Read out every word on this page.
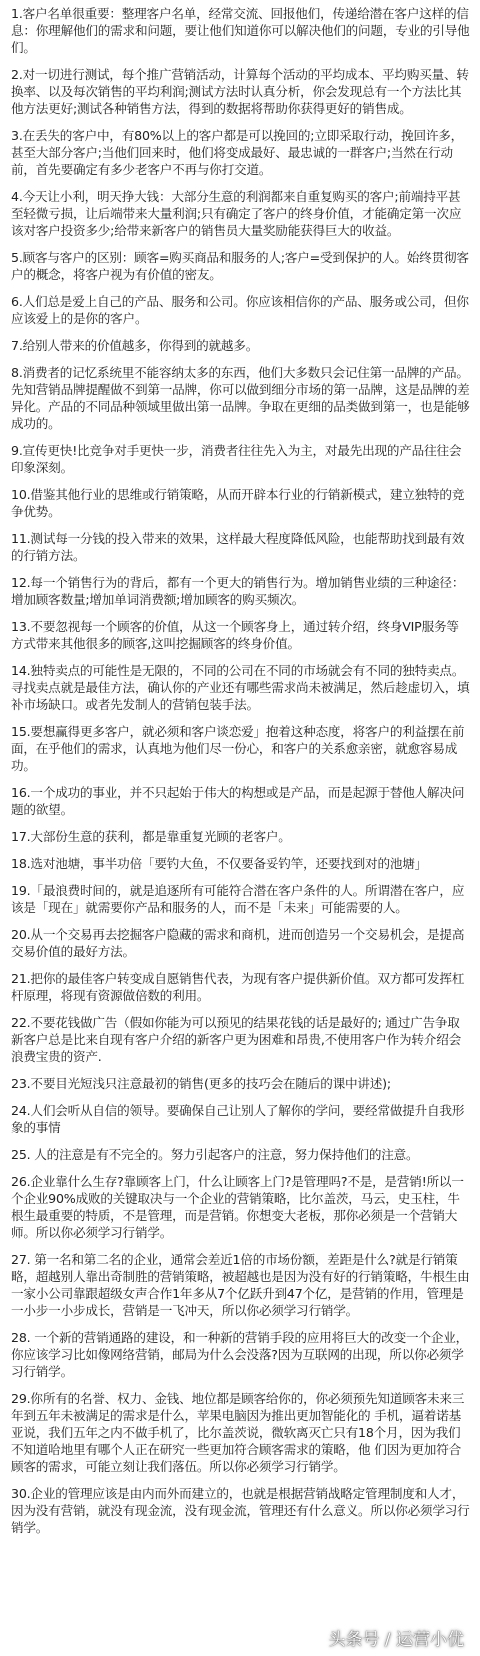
1.客户名单很重要：整理客户名单，经常交流、回报他们，传递给潜在客户这样的信息：你理解他们的需求和问题，要让他们知道你可以解决他们的问题，专业的引导他们。

2.对一切进行测试，每个推广营销活动，计算每个活动的平均成本、平均购买量、转换率、以及每次销售的平均利润;测试方法时认真分析，你会发现总有一个方法比其他方法更好;测试各种销售方法，得到的数据将帮助你获得更好的销售成。

3.在丢失的客户中，有80%以上的客户都是可以挽回的;立即采取行动，挽回许多，甚至大部分客户;当他们回来时，他们将变成最好、最忠诚的一群客户;当然在行动前，首先要确定有多少老客户不再与你打交道。

4.今天让小利，明天挣大钱：大部分生意的利润都来自重复购买的客户;前端持平甚至轻微亏损，让后端带来大量利润;只有确定了客户的终身价值，才能确定第一次应该对客户投资多少;给带来新客户的销售员大量奖励能获得巨大的收益。

5.顾客与客户的区别：顾客=购买商品和服务的人;客户=受到保护的人。始终贯彻客户的概念，将客户视为有价值的密友。

6.人们总是爱上自己的产品、服务和公司。你应该相信你的产品、服务或公司，但你应该爱上的是你的客户。

7.给别人带来的价值越多，你得到的就越多。

8.消费者的记忆系统里不能容纳太多的东西，他们大多数只会记住第一品牌的产品。先知营销品牌提醒做不到第一品牌，你可以做到细分市场的第一品牌，这是品牌的差异化。产品的不同品种领域里做出第一品牌。争取在更细的品类做到第一，也是能够成功的。

9.宣传更快!比竞争对手更快一步，消费者往往先入为主，对最先出现的产品往往会印象深刻。

10.借鉴其他行业的思维或行销策略，从而开辟本行业的行销新模式，建立独特的竞争优势。

11.测试每一分钱的投入带来的效果，这样最大程度降低风险，也能帮助找到最有效的行销方法。

12.每一个销售行为的背后，都有一个更大的销售行为。增加销售业绩的三种途径：增加顾客数量;增加单词消费额;增加顾客的购买频次。

13.不要忽视每一个顾客的价值，从这一个顾客身上，通过转介绍，终身VIP服务等方式带来其他很多的顾客,这叫挖掘顾客的终身价值。

14.独特卖点的可能性是无限的，不同的公司在不同的市场就会有不同的独特卖点。寻找卖点就是最佳方法，确认你的产业还有哪些需求尚未被满足，然后趁虚切入，填补市场缺口。或者先发制人的营销包装手法。

15.要想赢得更多客户，就必须和客户谈恋爱」抱着这种态度，将客户的利益摆在前面，在乎他们的需求，认真地为他们尽一份心，和客户的关系愈亲密，就愈容易成功。

16.一个成功的事业，并不只起始于伟大的构想或是产品，而是起源于替他人解决问题的欲望。

17.大部份生意的获利，都是靠重复光顾的老客户。

18.选对池塘，事半功倍「要钓大鱼，不仅要备妥钓竿，还要找到对的池塘」

19.「最浪费时间的，就是追逐所有可能符合潜在客户条件的人。所谓潜在客户，应该是「现在」就需要你产品和服务的人，而不是「未来」可能需要的人。

20.从一个交易再去挖掘客户隐藏的需求和商机，进而创造另一个交易机会，是提高交易价值的最好方法。

21.把你的最佳客户转变成自愿销售代表，为现有客户提供新价值。双方都可发挥杠杆原理，将现有资源做倍数的利用。

22.不要花钱做广告（假如你能为可以预见的结果花钱的话是最好的; 通过广告争取新客户总是比来自现有客户介绍的新客户更为困难和昂贵,不使用客户作为转介绍会浪费宝贵的资产.

23.不要目光短浅只注意最初的销售(更多的技巧会在随后的课中讲述);

24.人们会听从自信的领导。要确保自己让别人了解你的学问，要经常做提升自我形象的事情

25. 人的注意是有不完全的。努力引起客户的注意，努力保持他们的注意。

26.企业靠什么生存?靠顾客上门，什么让顾客上门?是管理吗?不是，是营销!所以一个企业90%成败的关键取决与一个企业的营销策略，比尔盖茨，马云，史玉柱，牛根生最重要的特质，不是管理，而是营销。你想变大老板，那你必须是一个营销大师。所以你必须学习行销学。

27. 第一名和第二名的企业，通常会差近1倍的市场份额，差距是什么?就是行销策略，超越别人靠出奇制胜的营销策略，被超越也是因为没有好的行销策略，牛根生由 一家小公司靠跟超级女声合作1年多从7个亿跃升到47个亿，是营销的作用，管理是一小步一小步成长，营销是一飞冲天，所以你必须学习行销学。

28. 一个新的营销通路的建设，和一种新的营销手段的应用将巨大的改变一个企业，你应该学习比如像网络营销，邮局为什么会没落?因为互联网的出现，所以你必须学习行销学。

29.你所有的名誉、权力、金钱、地位都是顾客给你的，你必须预先知道顾客未来三年到五年未被满足的需求是什么，苹果电脑因为推出更加智能化的 手机，逼着诺基亚说，我们五年之内不做手机了，比尔盖茨说，微软离灭亡只有18个月，因为我们不知道哈地里有哪个人正在研究一些更加符合顾客需求的策略，他 们因为更加符合顾客的需求，可能立刻让我们落伍。所以你必须学习行销学。

30.企业的管理应该是由内而外而建立的，也就是根据营销战略定管理制度和人才，因为没有营销，就没有现金流，没有现金流，管理还有什么意义。所以你必须学习行销学。

头条号 / 运营小优
